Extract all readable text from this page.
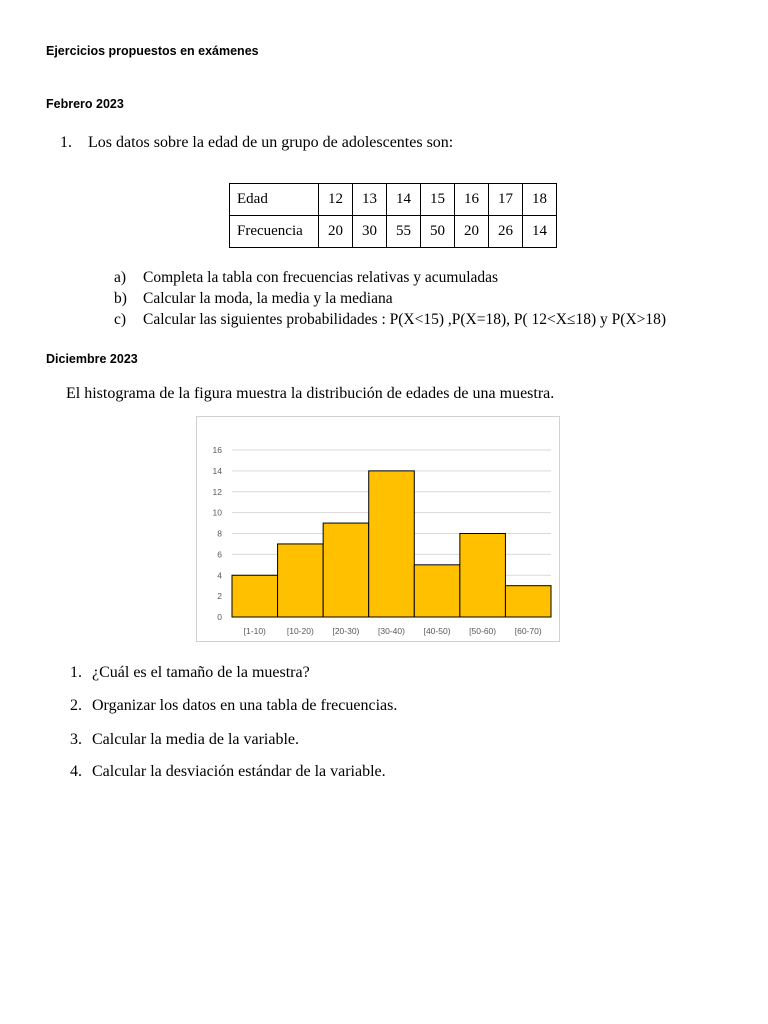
Ejercicios propuestos en exámenes
Febrero 2023
1. Los datos sobre la edad de un grupo de adolescentes son:
Edad	12	13	14	15	16	17	18
Frecuencia	20	30	55	50	20	26	14
a) Completa la tabla con frecuencias relativas y acumuladas
b) Calcular la moda, la media y la mediana
c) Calcular las siguientes probabilidades : P(X<15) ,P(X=18), P( 12<X≤18) y P(X>18)
Diciembre 2023
El histograma de la figura muestra la distribución de edades de una muestra.
0
2
4
6
8
10
12
14
16
[1-10) [10-20) [20-30) [30-40) [40-50) [50-60) [60-70)
1. ¿Cuál es el tamaño de la muestra?
2. Organizar los datos en una tabla de frecuencias.
3. Calcular la media de la variable.
4. Calcular la desviación estándar de la variable.
